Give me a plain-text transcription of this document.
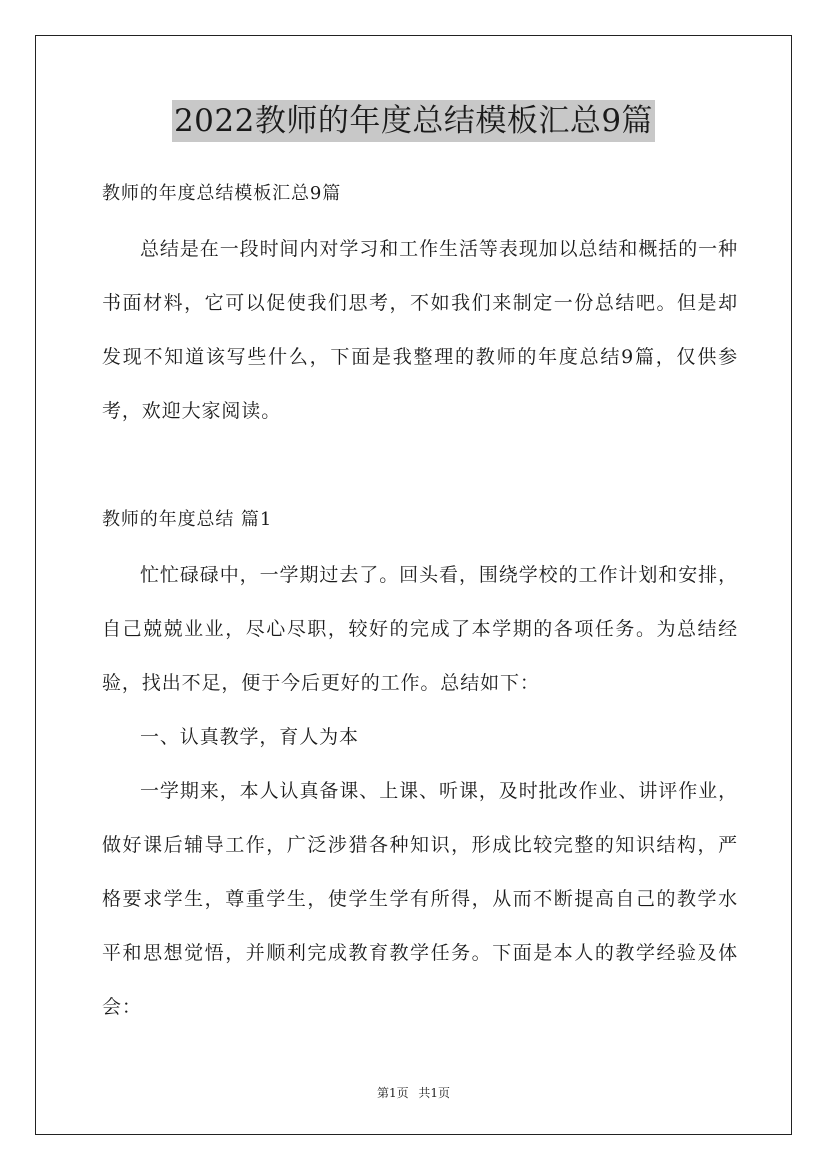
2022教师的年度总结模板汇总9篇

教师的年度总结模板汇总9篇

总结是在一段时间内对学习和工作生活等表现加以总结和概括的一种书面材料，它可以促使我们思考，不如我们来制定一份总结吧。但是却发现不知道该写些什么，下面是我整理的教师的年度总结9篇，仅供参考，欢迎大家阅读。

教师的年度总结 篇1

忙忙碌碌中，一学期过去了。回头看，围绕学校的工作计划和安排，自己兢兢业业，尽心尽职，较好的完成了本学期的各项任务。为总结经验，找出不足，便于今后更好的工作。总结如下：

一、认真教学，育人为本

一学期来，本人认真备课、上课、听课，及时批改作业、讲评作业，做好课后辅导工作，广泛涉猎各种知识，形成比较完整的知识结构，严格要求学生，尊重学生，使学生学有所得，从而不断提高自己的教学水平和思想觉悟，并顺利完成教育教学任务。下面是本人的教学经验及体会：

第1页 共1页
